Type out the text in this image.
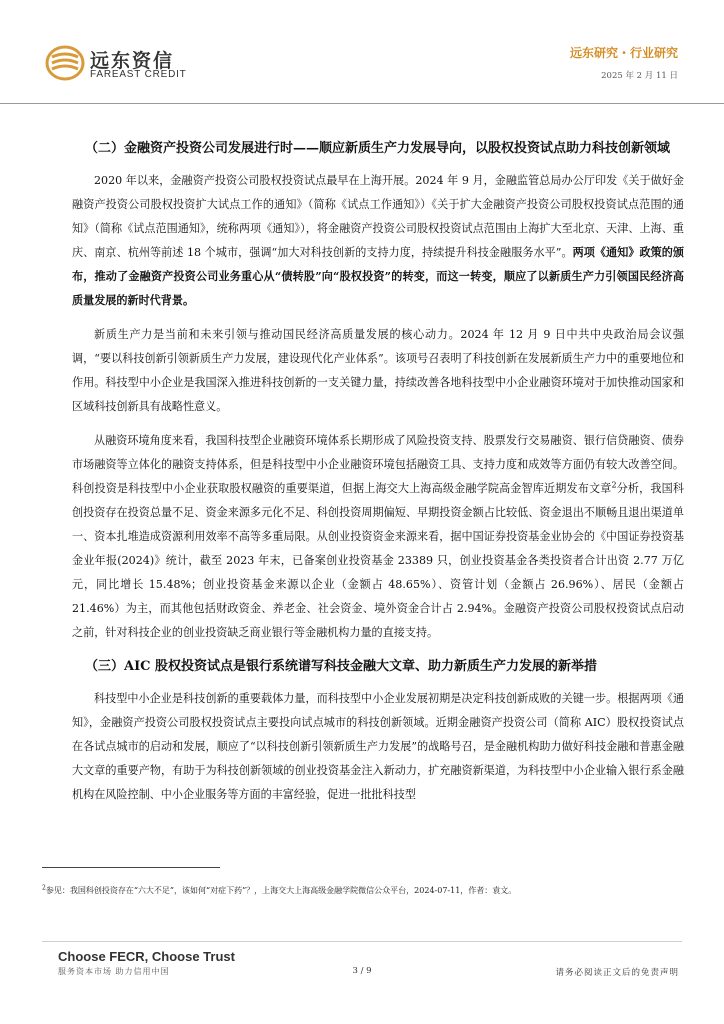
远东资信
FAREAST CREDIT
远东研究・行业研究
2025 年 2 月 11 日
（二）金融资产投资公司发展进行时——顺应新质生产力发展导向，以股权投资试点助力科技创新领域

2020 年以来，金融资产投资公司股权投资试点最早在上海开展。2024 年 9 月，金融监管总局办公厅印发《关于做好金融资产投资公司股权投资扩大试点工作的通知》（简称《试点工作通知》）《关于扩大金融资产投资公司股权投资试点范围的通知》（简称《试点范围通知》，统称两项《通知》），将金融资产投资公司股权投资试点范围由上海扩大至北京、天津、上海、重庆、南京、杭州等前述 18 个城市，强调“加大对科技创新的支持力度，持续提升科技金融服务水平”。两项《通知》政策的颁布，推动了金融资产投资公司业务重心从“债转股”向“股权投资”的转变，而这一转变，顺应了以新质生产力引领国民经济高质量发展的新时代背景。

新质生产力是当前和未来引领与推动国民经济高质量发展的核心动力。2024 年 12 月 9 日中共中央政治局会议强调，“要以科技创新引领新质生产力发展，建设现代化产业体系”。该项号召表明了科技创新在发展新质生产力中的重要地位和作用。科技型中小企业是我国深入推进科技创新的一支关键力量，持续改善各地科技型中小企业融资环境对于加快推动国家和区域科技创新具有战略性意义。

从融资环境角度来看，我国科技型企业融资环境体系长期形成了风险投资支持、股票发行交易融资、银行信贷融资、债券市场融资等立体化的融资支持体系，但是科技型中小企业融资环境包括融资工具、支持力度和成效等方面仍有较大改善空间。科创投资是科技型中小企业获取股权融资的重要渠道，但据上海交大上海高级金融学院高金智库近期发布文章$^2$分析，我国科创投资存在投资总量不足、资金来源多元化不足、科创投资周期偏短、早期投资金额占比较低、资金退出不顺畅且退出渠道单一、资本扎堆造成资源利用效率不高等多重局限。从创业投资资金来源来看，据中国证券投资基金业协会的《中国证券投资基金业年报(2024)》统计，截至 2023 年末，已备案创业投资基金 23389 只，创业投资基金各类投资者合计出资 2.77 万亿元，同比增长 15.48%；创业投资基金来源以企业（金额占 48.65%）、资管计划（金额占 26.96%）、居民（金额占 21.46%）为主，而其他包括财政资金、养老金、社会资金、境外资金合计占 2.94%。金融资产投资公司股权投资试点启动之前，针对科技企业的创业投资缺乏商业银行等金融机构力量的直接支持。

（三）AIC 股权投资试点是银行系统谱写科技金融大文章、助力新质生产力发展的新举措

科技型中小企业是科技创新的重要载体力量，而科技型中小企业发展初期是决定科技创新成败的关键一步。根据两项《通知》，金融资产投资公司股权投资试点主要投向试点城市的科技创新领域。近期金融资产投资公司（简称 AIC）股权投资试点在各试点城市的启动和发展，顺应了“以科技创新引领新质生产力发展”的战略号召，是金融机构助力做好科技金融和普惠金融大文章的重要产物，有助于为科技创新领域的创业投资基金注入新动力，扩充融资新渠道，为科技型中小企业输入银行系金融机构在风险控制、中小企业服务等方面的丰富经验，促进一批批科技型

$^2$参见：我国科创投资存在“六大不足”，该如何“对症下药”？，上海交大上海高级金融学院微信公众平台，2024-07-11，作者：袁文。
Choose FECR, Choose Trust
服务资本市场 助力信用中国	3 / 9	请务必阅读正文后的免责声明
